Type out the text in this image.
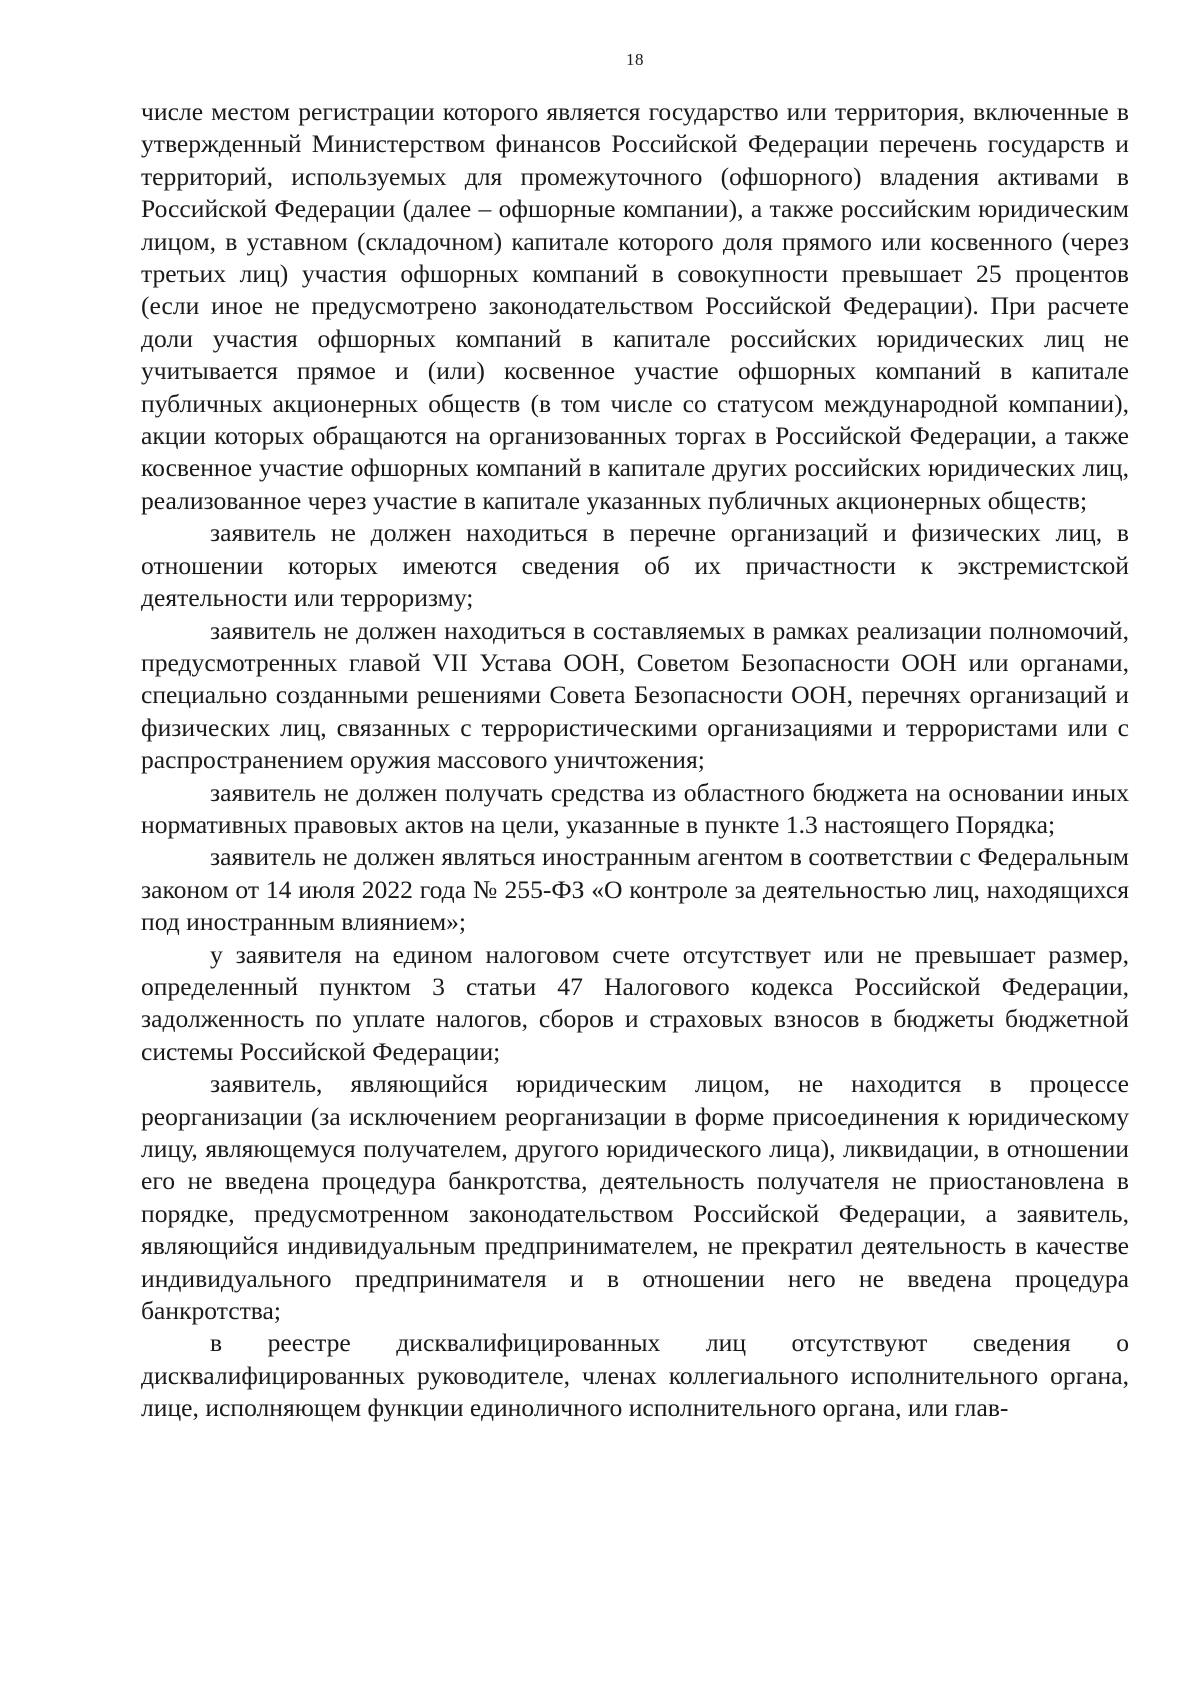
18

числе местом регистрации которого является государство или территория, включенные в утвержденный Министерством финансов Российской Федерации перечень государств и территорий, используемых для промежуточного (офшорного) владения активами в Российской Федерации (далее – офшорные компании), а также российским юридическим лицом, в уставном (складочном) капитале которого доля прямого или косвенного (через третьих лиц) участия офшорных компаний в совокупности превышает 25 процентов (если иное не предусмотрено законодательством Российской Федерации). При расчете доли участия офшорных компаний в капитале российских юридических лиц не учитывается прямое и (или) косвенное участие офшорных компаний в капитале публичных акционерных обществ (в том числе со статусом международной компании), акции которых обращаются на организованных торгах в Российской Федерации, а также косвенное участие офшорных компаний в капитале других российских юридических лиц, реализованное через участие в капитале указанных публичных акционерных обществ;

заявитель не должен находиться в перечне организаций и физических лиц, в отношении которых имеются сведения об их причастности к экстремистской деятельности или терроризму;

заявитель не должен находиться в составляемых в рамках реализации полномочий, предусмотренных главой VII Устава ООН, Советом Безопасности ООН или органами, специально созданными решениями Совета Безопасности ООН, перечнях организаций и физических лиц, связанных с террористическими организациями и террористами или с распространением оружия массового уничтожения;

заявитель не должен получать средства из областного бюджета на основании иных нормативных правовых актов на цели, указанные в пункте 1.3 настоящего Порядка;

заявитель не должен являться иностранным агентом в соответствии с Федеральным законом от 14 июля 2022 года № 255-ФЗ «О контроле за деятельностью лиц, находящихся под иностранным влиянием»;

у заявителя на едином налоговом счете отсутствует или не превышает размер, определенный пунктом 3 статьи 47 Налогового кодекса Российской Федерации, задолженность по уплате налогов, сборов и страховых взносов в бюджеты бюджетной системы Российской Федерации;

заявитель, являющийся юридическим лицом, не находится в процессе реорганизации (за исключением реорганизации в форме присоединения к юридическому лицу, являющемуся получателем, другого юридического лица), ликвидации, в отношении его не введена процедура банкротства, деятельность получателя не приостановлена в порядке, предусмотренном законодательством Российской Федерации, а заявитель, являющийся индивидуальным предпринимателем, не прекратил деятельность в качестве индивидуального предпринимателя и в отношении него не введена процедура банкротства;

в реестре дисквалифицированных лиц отсутствуют сведения о дисквалифицированных руководителе, членах коллегиального исполнительного органа, лице, исполняющем функции единоличного исполнительного органа, или глав-
